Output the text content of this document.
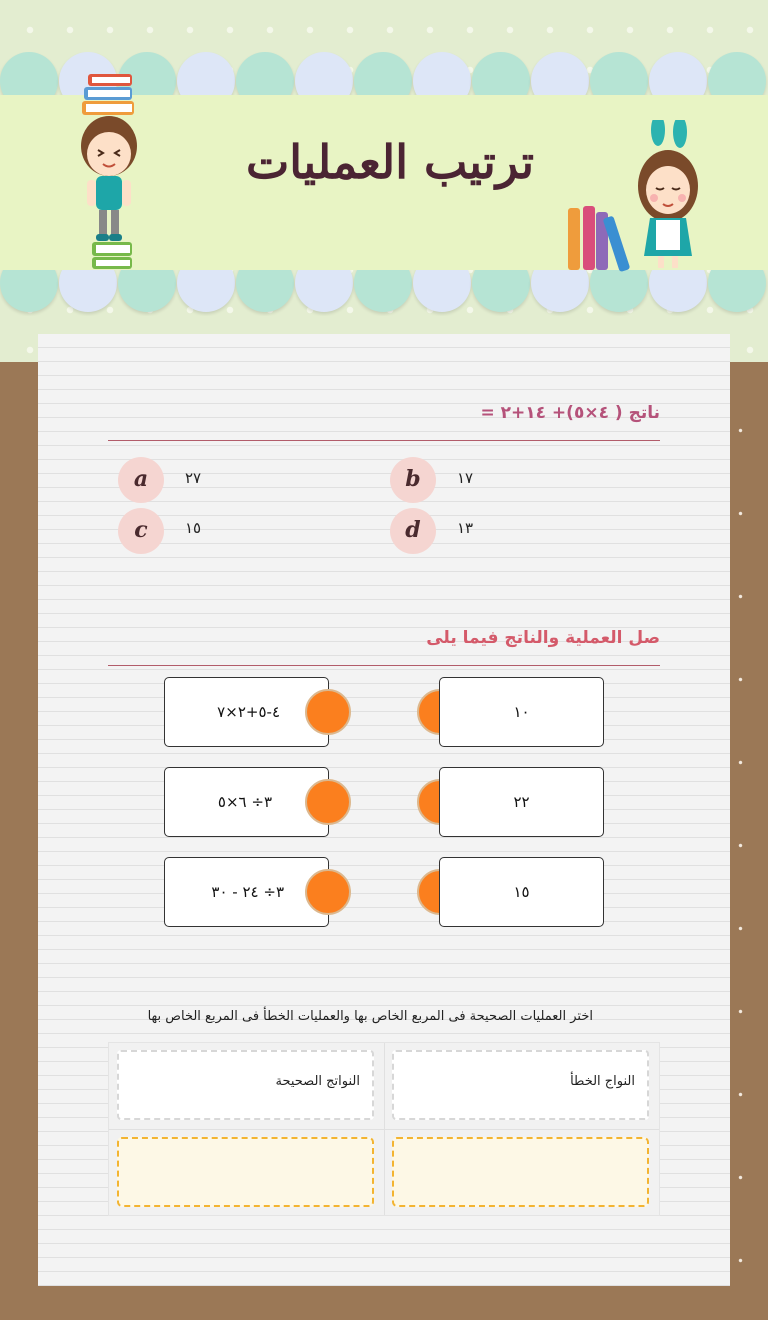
ترتيب العمليات
ناتج ( ٤×٥)+ ١٤+٢ =
a	٢٧	b	١٧
c	١٥	d	١٣
صل العملية والناتج فيما يلى
٤-٥+٢×٧	١٠
٣÷ ٦×٥	٢٢
٣÷ ٢٤ - ٣٠	١٥
اختر العمليات الصحيحة فى المربع الخاص بها والعمليات الخطأ فى المربع الخاص بها
النواتج الصحيحة	النواج الخطأ
